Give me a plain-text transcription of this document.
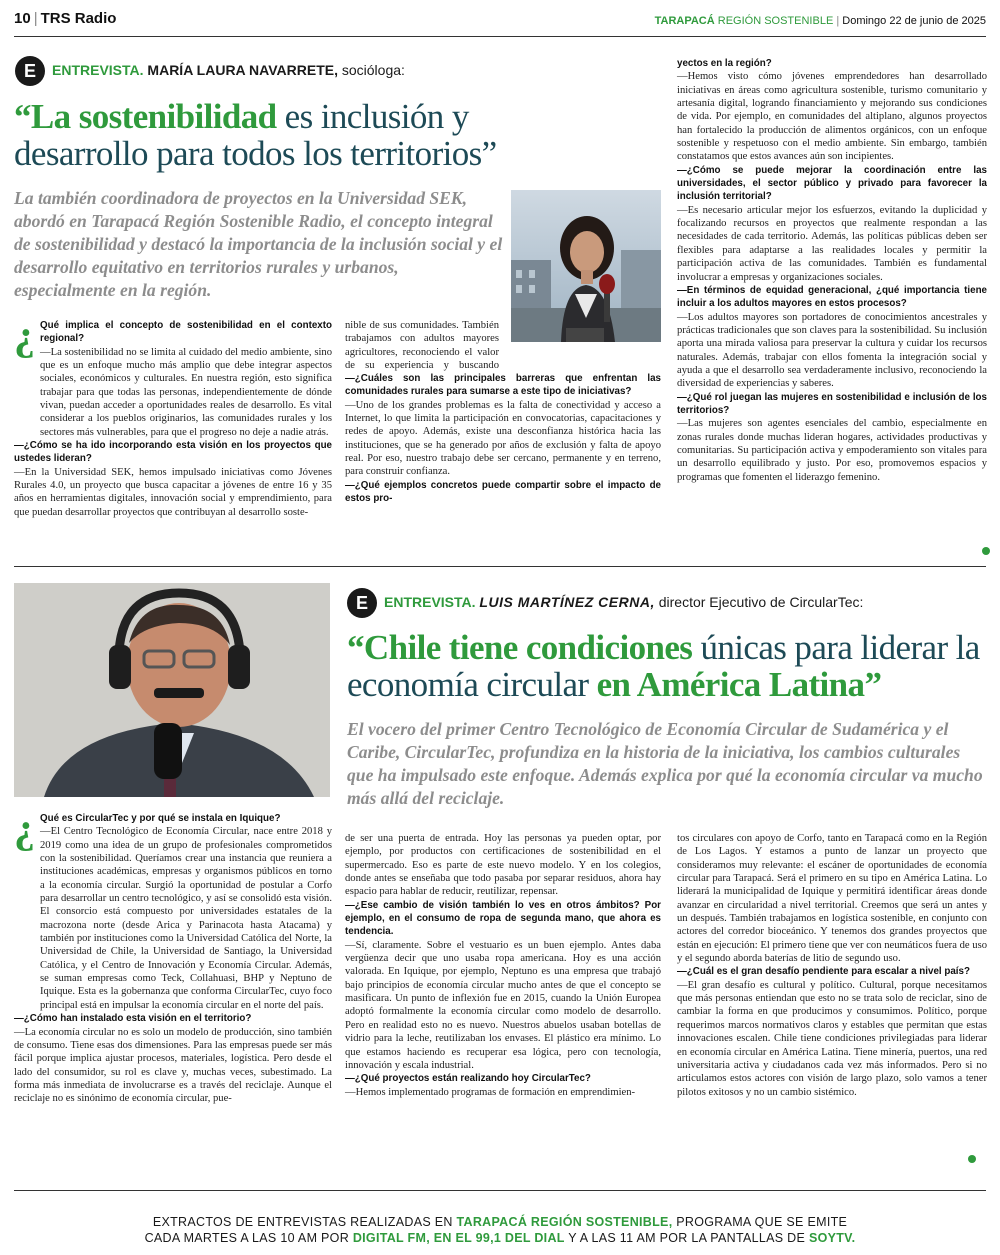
10 | TRS Radio	TARAPACÁ REGIÓN SOSTENIBLE | Domingo 22 de junio de 2025
E	ENTREVISTA. MARÍA LAURA NAVARRETE, socióloga:
“La sostenibilidad es inclusión y desarrollo para todos los territorios”
La también coordinadora de proyectos en la Universidad SEK, abordó en Tarapacá Región Sostenible Radio, el concepto integral de sostenibilidad y destacó la importancia de la inclusión social y el desarrollo equitativo en territorios rurales y urbanos, especialmente en la región.
¿ Qué implica el concepto de sostenibilidad en el contexto regional?

—La sostenibilidad no se limita al cuidado del medio ambiente, sino que es un enfoque mucho más amplio que debe integrar aspectos sociales, económicos y culturales. En nuestra región, esto significa trabajar para que todas las personas, independientemente de dónde vivan, puedan acceder a oportunidades reales de desarrollo. Es vital considerar a los pueblos originarios, las comunidades rurales y los sectores más vulnerables, para que el progreso no deje a nadie atrás.

—¿Cómo se ha ido incorporando esta visión en los proyectos que ustedes lideran?

—En la Universidad SEK, hemos impulsado iniciativas como Jóvenes Rurales 4.0, un proyecto que busca capacitar a jóvenes de entre 16 y 35 años en herramientas digitales, innovación social y emprendimiento, para que puedan desarrollar proyectos que contribuyan al desarrollo soste-

nible de sus comunidades. También trabajamos con adultos mayores agricultores, reconociendo el valor de su experiencia y buscando

—¿Cuáles son las principales barreras que enfrentan las comunidades rurales para sumarse a este tipo de iniciativas?

—Uno de los grandes problemas es la falta de conectividad y acceso a Internet, lo que limita la participación en convocatorias, capacitaciones y redes de apoyo. Además, existe una desconfianza histórica hacia las instituciones, que se ha generado por años de exclusión y falta de apoyo real. Por eso, nuestro trabajo debe ser cercano, permanente y en terreno, para construir confianza.

—¿Qué ejemplos concretos puede compartir sobre el impacto de estos pro-

yectos en la región?

—Hemos visto cómo jóvenes emprendedores han desarrollado iniciativas en áreas como agricultura sostenible, turismo comunitario y artesanía digital, logrando financiamiento y mejorando sus condiciones de vida. Por ejemplo, en comunidades del altiplano, algunos proyectos han fortalecido la producción de alimentos orgánicos, con un enfoque sostenible y respetuoso con el medio ambiente. Sin embargo, también constatamos que estos avances aún son incipientes.

—¿Cómo se puede mejorar la coordinación entre las universidades, el sector público y privado para favorecer la inclusión territorial?

—Es necesario articular mejor los esfuerzos, evitando la duplicidad y focalizando recursos en proyectos que realmente respondan a las necesidades de cada territorio. Además, las políticas públicas deben ser flexibles para adaptarse a las realidades locales y permitir la participación activa de las comunidades. También es fundamental involucrar a empresas y organizaciones sociales.

—En términos de equidad generacional, ¿qué importancia tiene incluir a los adultos mayores en estos procesos?

—Los adultos mayores son portadores de conocimientos ancestrales y prácticas tradicionales que son claves para la sostenibilidad. Su inclusión aporta una mirada valiosa para preservar la cultura y cuidar los recursos naturales. Además, trabajar con ellos fomenta la integración social y ayuda a que el desarrollo sea verdaderamente inclusivo, reconociendo la diversidad de experiencias y saberes.

—¿Qué rol juegan las mujeres en sostenibilidad e inclusión de los territorios?

—Las mujeres son agentes esenciales del cambio, especialmente en zonas rurales donde muchas lideran hogares, actividades productivas y comunitarias. Su participación activa y empoderamiento son vitales para un desarrollo equilibrado y justo. Por eso, promovemos espacios y programas que fomenten el liderazgo femenino.

E	ENTREVISTA. LUIS MARTÍNEZ CERNA, director Ejecutivo de CircularTec:
“Chile tiene condiciones únicas para liderar la economía circular en América Latina”
El vocero del primer Centro Tecnológico de Economía Circular de Sudamérica y el Caribe, CircularTec, profundiza en la historia de la iniciativa, los cambios culturales que ha impulsado este enfoque. Además explica por qué la economía circular va mucho más allá del reciclaje.
¿ Qué es CircularTec y por qué se instala en Iquique?

—El Centro Tecnológico de Economía Circular, nace entre 2018 y 2019 como una idea de un grupo de profesionales comprometidos con la sostenibilidad. Queríamos crear una instancia que reuniera a instituciones académicas, empresas y organismos públicos en torno a la economía circular. Surgió la oportunidad de postular a Corfo para desarrollar un centro tecnológico, y así se consolidó esta visión. El consorcio está compuesto por universidades estatales de la macrozona norte (desde Arica y Parinacota hasta Atacama) y también por instituciones como la Universidad Católica del Norte, la Universidad de Chile, la Universidad de Santiago, la Universidad Católica, y el Centro de Innovación y Economía Circular. Además, se suman empresas como Teck, Collahuasi, BHP y Neptuno de Iquique. Esta es la gobernanza que conforma CircularTec, cuyo foco principal está en impulsar la economía circular en el norte del país.

—¿Cómo han instalado esta visión en el territorio?

—La economía circular no es solo un modelo de producción, sino también de consumo. Tiene esas dos dimensiones. Para las empresas puede ser más fácil porque implica ajustar procesos, materiales, logística. Pero desde el lado del consumidor, su rol es clave y, muchas veces, subestimado. La forma más inmediata de involucrarse es a través del reciclaje. Aunque el reciclaje no es sinónimo de economía circular, pue-

de ser una puerta de entrada. Hoy las personas ya pueden optar, por ejemplo, por productos con certificaciones de sostenibilidad en el supermercado. Eso es parte de este nuevo modelo. Y en los colegios, donde antes se enseñaba que todo pasaba por separar residuos, ahora hay espacio para hablar de reducir, reutilizar, repensar.

—¿Ese cambio de visión también lo ves en otros ámbitos? Por ejemplo, en el consumo de ropa de segunda mano, que ahora es tendencia.

—Sí, claramente. Sobre el vestuario es un buen ejemplo. Antes daba vergüenza decir que uno usaba ropa americana. Hoy es una acción valorada. En Iquique, por ejemplo, Neptuno es una empresa que trabajó bajo principios de economía circular mucho antes de que el concepto se masificara. Un punto de inflexión fue en 2015, cuando la Unión Europea adoptó formalmente la economía circular como modelo de desarrollo. Pero en realidad esto no es nuevo. Nuestros abuelos usaban botellas de vidrio para la leche, reutilizaban los envases. El plástico era mínimo. Lo que estamos haciendo es recuperar esa lógica, pero con tecnología, innovación y escala industrial.

—¿Qué proyectos están realizando hoy CircularTec?

—Hemos implementado programas de formación en emprendimien-

tos circulares con apoyo de Corfo, tanto en Tarapacá como en la Región de Los Lagos. Y estamos a punto de lanzar un proyecto que consideramos muy relevante: el escáner de oportunidades de economía circular para Tarapacá. Será el primero en su tipo en América Latina. Lo liderará la municipalidad de Iquique y permitirá identificar áreas donde avanzar en circularidad a nivel territorial. Creemos que será un antes y un después. También trabajamos en logística sostenible, en conjunto con actores del corredor bioceánico. Y tenemos dos grandes proyectos que están en ejecución: El primero tiene que ver con neumáticos fuera de uso y el segundo aborda baterías de litio de segundo uso.

—¿Cuál es el gran desafío pendiente para escalar a nivel país?

—El gran desafío es cultural y político. Cultural, porque necesitamos que más personas entiendan que esto no se trata solo de reciclar, sino de cambiar la forma en que producimos y consumimos. Político, porque requerimos marcos normativos claros y estables que permitan que estas innovaciones escalen. Chile tiene condiciones privilegiadas para liderar en economía circular en América Latina. Tiene minería, puertos, una red universitaria activa y ciudadanos cada vez más informados. Pero si no articulamos estos actores con visión de largo plazo, solo vamos a tener pilotos exitosos y no un cambio sistémico.

EXTRACTOS DE ENTREVISTAS REALIZADAS EN TARAPACÁ REGIÓN SOSTENIBLE, PROGRAMA QUE SE EMITE
CADA MARTES A LAS 10 AM POR DIGITAL FM, EN EL 99,1 DEL DIAL Y A LAS 11 AM POR LA PANTALLAS DE SOYTV.
